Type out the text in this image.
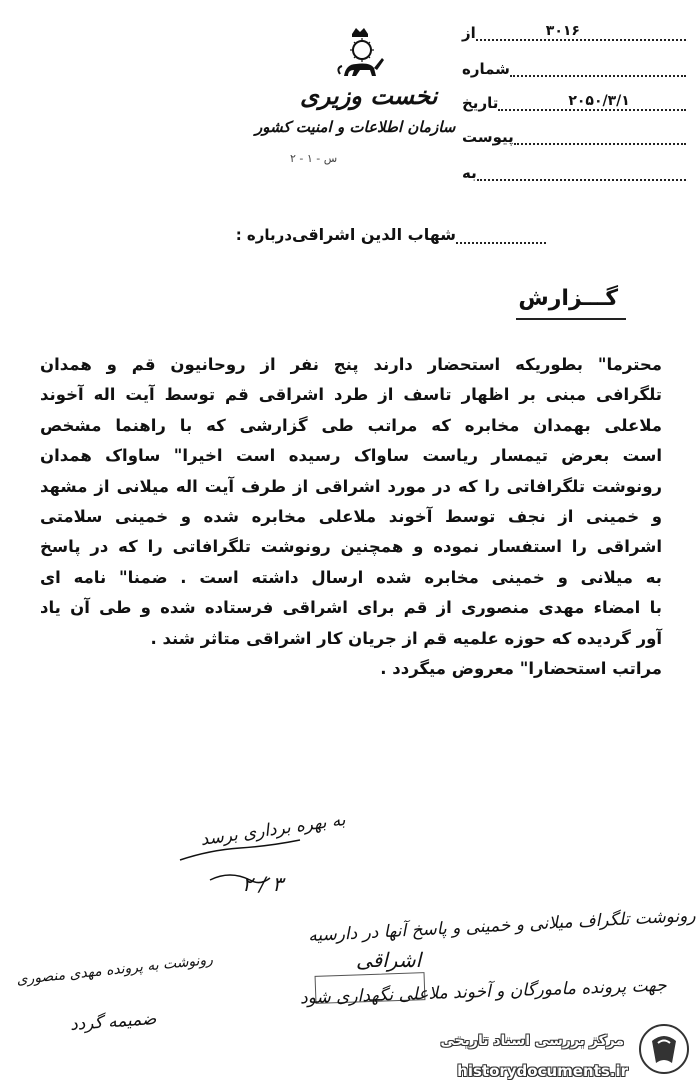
از	۳۰۱۶
شماره
تاریخ	۲۰۵۰/۳/۱
پیوست
به
نخست وزیری
سازمان اطلاعات و امنیت کشور
س - ۱ - ۲
درباره : شهاب الدین اشراقی
گـــزارش

محترما" بطوریکه استحضار دارند پنج نفر از روحانیون قم و همدان

تلگرافی مبنی بر اظهار تاسف از طرد اشراقی قم توسط آیت اله آخوند

ملاعلی بهمدان مخابره که مراتب طی گزارشی که با راهنما مشخص

است بعرض تیمسار ریاست ساواک رسیده است اخیرا" ساواک همدان

رونوشت تلگرافاتی را که در مورد اشراقی از طرف آیت اله میلانی از مشهد

و خمینی از نجف توسط آخوند ملاعلی مخابره شده و خمینی سلامتی

اشراقی را استفسار نموده و همچنین رونوشت تلگرافاتی را که در پاسخ

به میلانی و خمینی مخابره شده ارسال داشته است . ضمنا" نامه ای

با امضاء مهدی منصوری از قم برای اشراقی فرستاده شده و طی آن یاد

آور گردیده که حوزه علمیه قم از جریان کار اشراقی متاثر شند .

مراتب استحضارا" معروض میگردد .

به بهره برداری برسد
۳ / ۲
رونوشت تلگراف میلانی و خمینی و پاسخ آنها در دارسیه
اشراقی
جهت پرونده مامورگان و آخوند ملاعلی نگهداری شود
رونوشت به پرونده مهدی منصوری
ضمیمه گردد
مرکز بررسی اسناد تاریخی
historydocuments.ir
